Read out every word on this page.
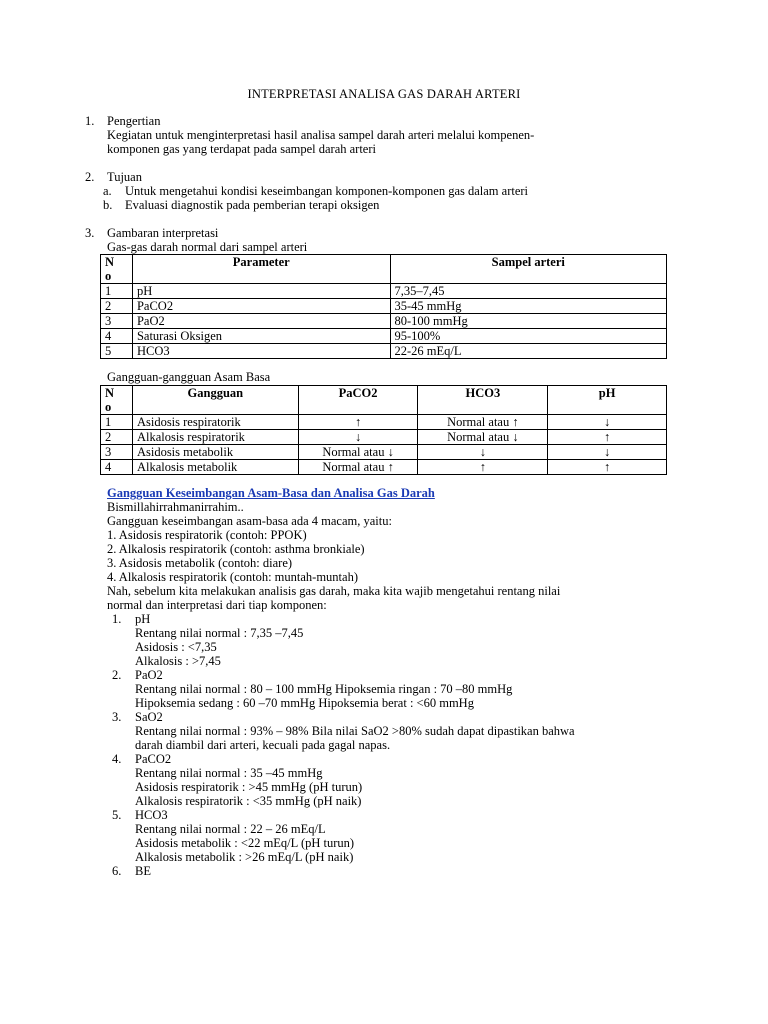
INTERPRETASI ANALISA GAS DARAH ARTERI
1. Pengertian
Kegiatan untuk menginterpretasi hasil analisa sampel darah arteri melalui kompenen-
komponen gas yang terdapat pada sampel darah arteri
2. Tujuan
a. Untuk mengetahui kondisi keseimbangan komponen-komponen gas dalam arteri
b. Evaluasi diagnostik pada pemberian terapi oksigen
3. Gambaran interpretasi
Gas-gas darah normal dari sampel arteri
N
o	Parameter	Sampel arteri
1	pH	7,35–7,45
2	PaCO2	35-45 mmHg
3	PaO2	80-100 mmHg
4	Saturasi Oksigen	95-100%
5	HCO3	22-26 mEq/L
Gangguan-gangguan Asam Basa
N
o	Gangguan	PaCO2	HCO3	pH
1	Asidosis respiratorik	↑	Normal atau ↑	↓
2	Alkalosis respiratorik	↓	Normal atau ↓	↑
3	Asidosis metabolik	Normal atau ↓	↓	↓
4	Alkalosis metabolik	Normal atau ↑	↑	↑
Gangguan Keseimbangan Asam-Basa dan Analisa Gas Darah
Bismillahirrahmanirrahim..
Gangguan keseimbangan asam-basa ada 4 macam, yaitu:
1. Asidosis respiratorik (contoh: PPOK)
2. Alkalosis respiratorik (contoh: asthma bronkiale)
3. Asidosis metabolik (contoh: diare)
4. Alkalosis respiratorik (contoh: muntah-muntah)
Nah, sebelum kita melakukan analisis gas darah, maka kita wajib mengetahui rentang nilai
normal dan interpretasi dari tiap komponen:
1. pH
Rentang nilai normal : 7,35 –7,45
Asidosis : <7,35
Alkalosis : >7,45
2. PaO2
Rentang nilai normal : 80 – 100 mmHg Hipoksemia ringan : 70 –80 mmHg
Hipoksemia sedang : 60 –70 mmHg Hipoksemia berat : <60 mmHg
3. SaO2
Rentang nilai normal : 93% – 98% Bila nilai SaO2 >80% sudah dapat dipastikan bahwa
darah diambil dari arteri, kecuali pada gagal napas.
4. PaCO2
Rentang nilai normal : 35 –45 mmHg
Asidosis respiratorik : >45 mmHg (pH turun)
Alkalosis respiratorik : <35 mmHg (pH naik)
5. HCO3
Rentang nilai normal : 22 – 26 mEq/L
Asidosis metabolik : <22 mEq/L (pH turun)
Alkalosis metabolik : >26 mEq/L (pH naik)
6. BE
